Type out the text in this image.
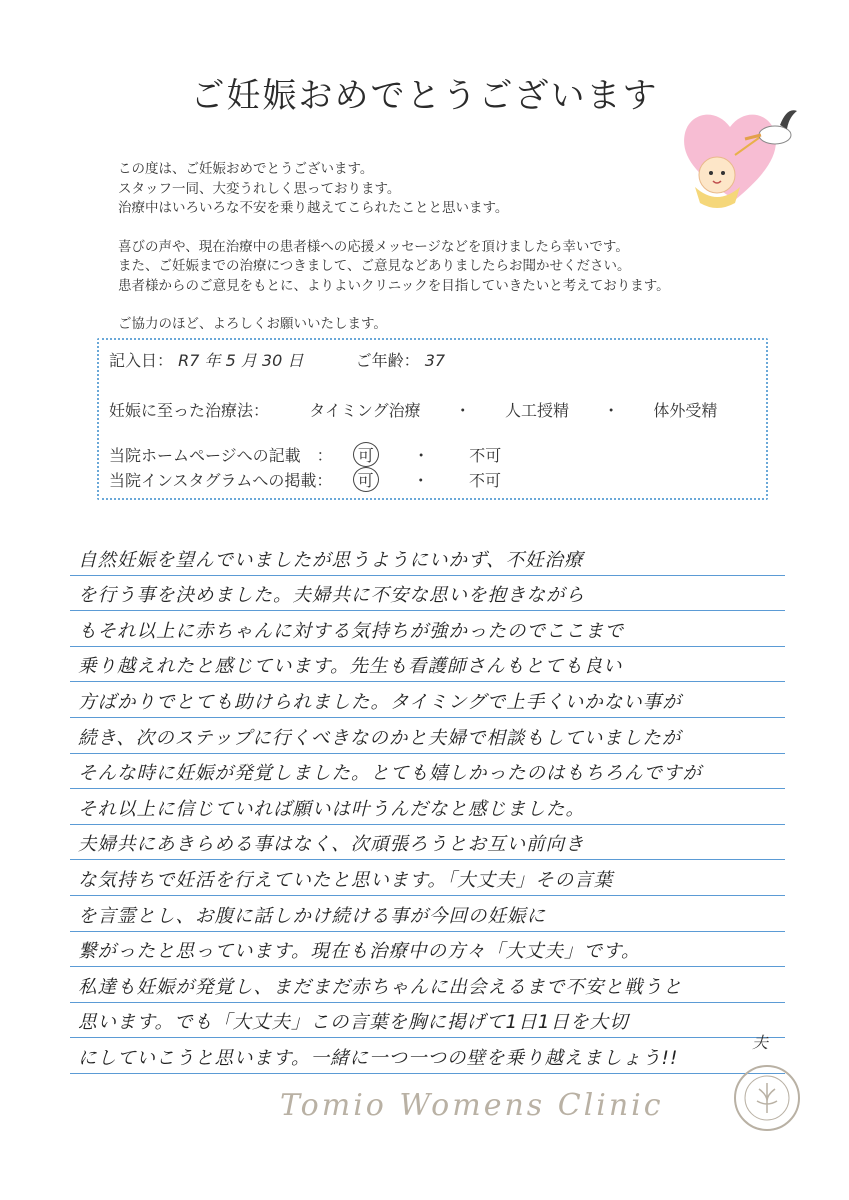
ご妊娠おめでとうございます

この度は、ご妊娠おめでとうございます。
スタッフ一同、大変うれしく思っております。
治療中はいろいろな不安を乗り越えてこられたことと思います。

喜びの声や、現在治療中の患者様への応援メッセージなどを頂けましたら幸いです。
また、ご妊娠までの治療につきまして、ご意見などありましたらお聞かせください。
患者様からのご意見をもとに、よりよいクリニックを目指していきたいと考えております。

ご協力のほど、よろしくお願いいたします。

記入日： R7 年 5 月 30 日	ご年齢： 37
妊娠に至った治療法：	タイミング治療 ・ 人工授精 ・ 体外受精
当院ホームページへの記載　： 可 ・	不可
当院インスタグラムへの掲載： 可 ・	不可
自然妊娠を望んでいましたが思うようにいかず、不妊治療
を行う事を決めました。夫婦共に不安な思いを抱きながら
もそれ以上に赤ちゃんに対する気持ちが強かったのでここまで
乗り越えれたと感じています。先生も看護師さんもとても良い
方ばかりでとても助けられました。タイミングで上手くいかない事が
続き、次のステップに行くべきなのかと夫婦で相談もしていましたが
そんな時に妊娠が発覚しました。とても嬉しかったのはもちろんですが
それ以上に信じていれば願いは叶うんだなと感じました。
夫婦共にあきらめる事はなく、次頑張ろうとお互い前向き
な気持ちで妊活を行えていたと思います。「大丈夫」その言葉
を言霊とし、お腹に話しかけ続ける事が今回の妊娠に
繋がったと思っています。現在も治療中の方々「大丈夫」です。
私達も妊娠が発覚し、まだまだ赤ちゃんに出会えるまで不安と戦うと
思います。でも「大丈夫」この言葉を胸に掲げて1日1日を大切
にしていこうと思います。一緒に一つ一つの壁を乗り越えましょう!!
夫
Tomio Womens Clinic
